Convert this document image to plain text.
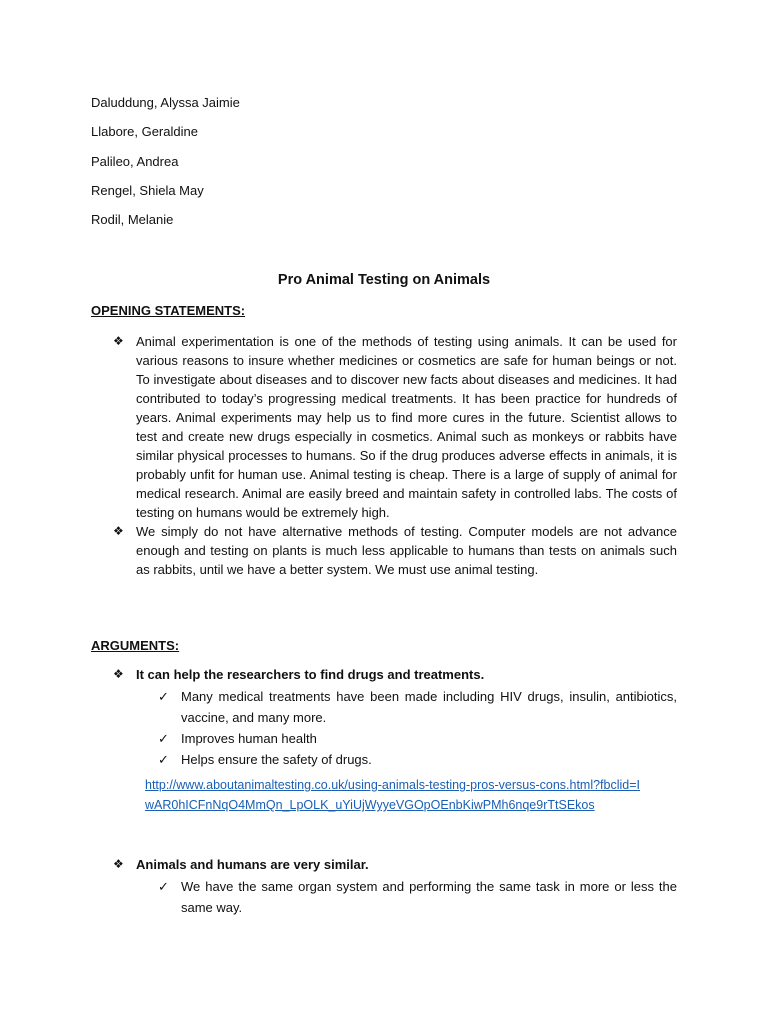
Daluddung, Alyssa Jaimie
Llabore, Geraldine
Palileo, Andrea
Rengel, Shiela May
Rodil, Melanie
Pro Animal Testing on Animals
OPENING STATEMENTS:
❖ Animal experimentation is one of the methods of testing using animals. It can be used for various reasons to insure whether medicines or cosmetics are safe for human beings or not. To investigate about diseases and to discover new facts about diseases and medicines. It had contributed to today’s progressing medical treatments. It has been practice for hundreds of years. Animal experiments may help us to find more cures in the future. Scientist allows to test and create new drugs especially in cosmetics. Animal such as monkeys or rabbits have similar physical processes to humans. So if the drug produces adverse effects in animals, it is probably unfit for human use. Animal testing is cheap. There is a large of supply of animal for medical research. Animal are easily breed and maintain safety in controlled labs. The costs of testing on humans would be extremely high.
❖ We simply do not have alternative methods of testing. Computer models are not advance enough and testing on plants is much less applicable to humans than tests on animals such as rabbits, until we have a better system. We must use animal testing.
ARGUMENTS:
❖ It can help the researchers to find drugs and treatments.
✓ Many medical treatments have been made including HIV drugs, insulin, antibiotics, vaccine, and many more.
✓ Improves human health
✓ Helps ensure the safety of drugs.
http://www.aboutanimaltesting.co.uk/using-animals-testing-pros-versus-cons.html?fbclid=IwAR0hICFnNqO4MmQn_LpOLK_uYiUjWyyeVGOpOEnbKiwPMh6nqe9rTtSEkos
❖ Animals and humans are very similar.
✓ We have the same organ system and performing the same task in more or less the same way.
